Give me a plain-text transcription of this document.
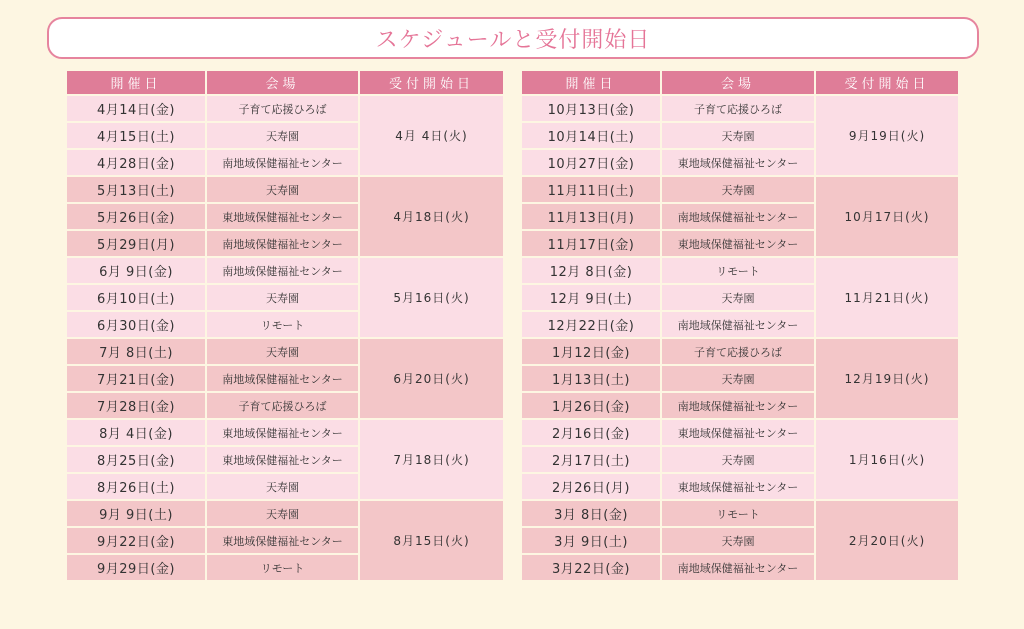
スケジュールと受付開始日
開催日	会場	受付開始日
4月14日(金)	子育て応援ひろば	4月 4日(火)
4月15日(土)	天寿園	
4月28日(金)	南地域保健福祉センター	
5月13日(土)	天寿園	4月18日(火)
5月26日(金)	東地域保健福祉センター	
5月29日(月)	南地域保健福祉センター	
6月 9日(金)	南地域保健福祉センター	5月16日(火)
6月10日(土)	天寿園	
6月30日(金)	リモート	
7月 8日(土)	天寿園	6月20日(火)
7月21日(金)	南地域保健福祉センター	
7月28日(金)	子育て応援ひろば	
8月 4日(金)	東地域保健福祉センター	7月18日(火)
8月25日(金)	東地域保健福祉センター	
8月26日(土)	天寿園	
9月 9日(土)	天寿園	8月15日(火)
9月22日(金)	東地域保健福祉センター	
9月29日(金)	リモート	
開催日	会場	受付開始日
10月13日(金)	子育て応援ひろば	9月19日(火)
10月14日(土)	天寿園	
10月27日(金)	東地域保健福祉センター	
11月11日(土)	天寿園	10月17日(火)
11月13日(月)	南地域保健福祉センター	
11月17日(金)	東地域保健福祉センター	
12月 8日(金)	リモート	11月21日(火)
12月 9日(土)	天寿園	
12月22日(金)	南地域保健福祉センター	
1月12日(金)	子育て応援ひろば	12月19日(火)
1月13日(土)	天寿園	
1月26日(金)	南地域保健福祉センター	
2月16日(金)	東地域保健福祉センター	1月16日(火)
2月17日(土)	天寿園	
2月26日(月)	東地域保健福祉センター	
3月 8日(金)	リモート	2月20日(火)
3月 9日(土)	天寿園	
3月22日(金)	南地域保健福祉センター	
